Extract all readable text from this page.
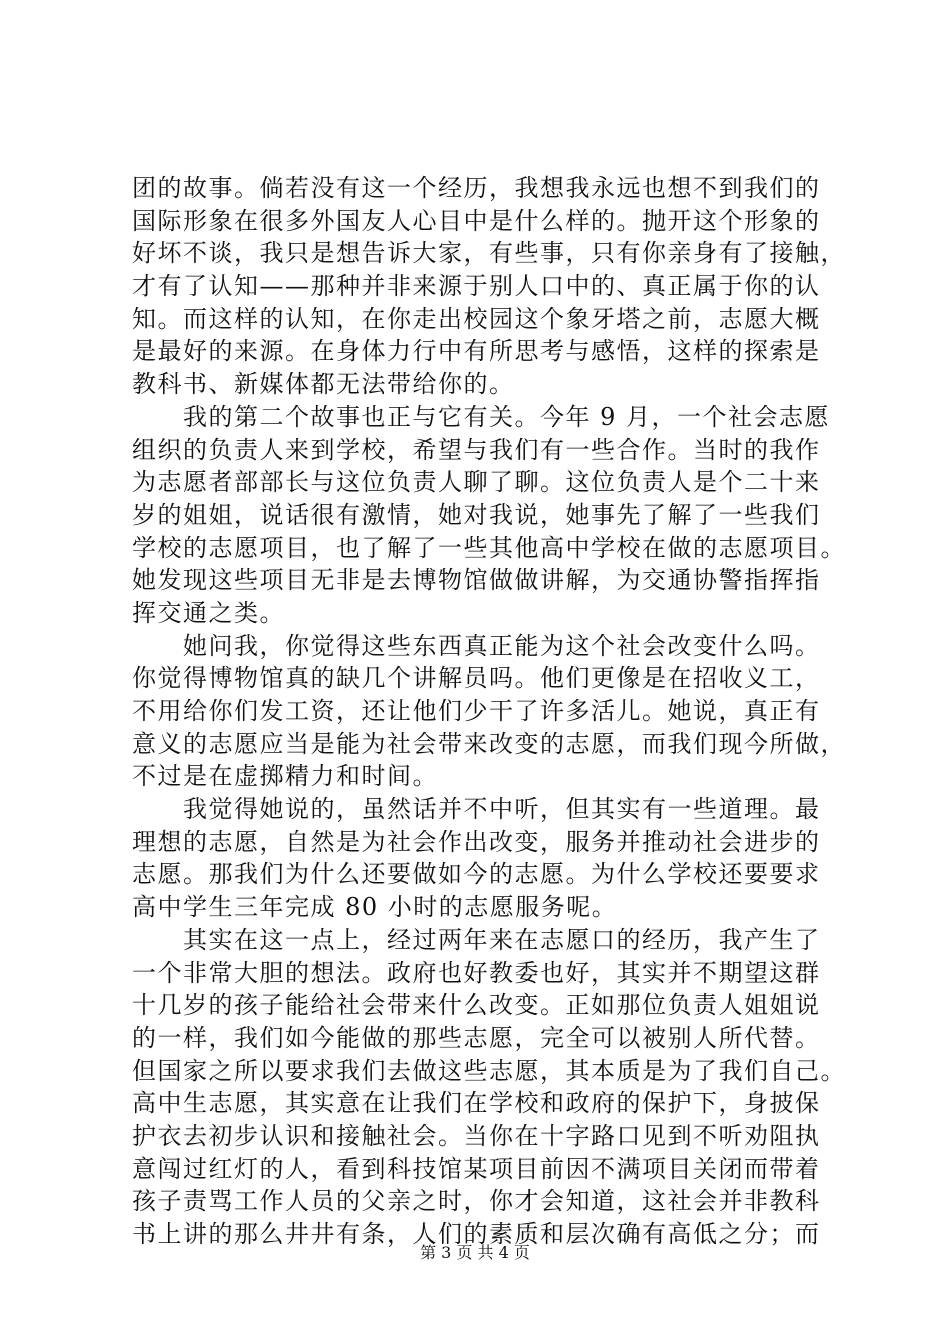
团的故事。倘若没有这一个经历，我想我永远也想不到我们的
国际形象在很多外国友人心目中是什么样的。抛开这个形象的
好坏不谈，我只是想告诉大家，有些事，只有你亲身有了接触，
才有了认知——那种并非来源于别人口中的、真正属于你的认
知。而这样的认知，在你走出校园这个象牙塔之前，志愿大概
是最好的来源。在身体力行中有所思考与感悟，这样的探索是
教科书、新媒体都无法带给你的。
　　我的第二个故事也正与它有关。今年 9 月，一个社会志愿
组织的负责人来到学校，希望与我们有一些合作。当时的我作
为志愿者部部长与这位负责人聊了聊。这位负责人是个二十来
岁的姐姐，说话很有激情，她对我说，她事先了解了一些我们
学校的志愿项目，也了解了一些其他高中学校在做的志愿项目。
她发现这些项目无非是去博物馆做做讲解，为交通协警指挥指
挥交通之类。
　　她问我，你觉得这些东西真正能为这个社会改变什么吗。
你觉得博物馆真的缺几个讲解员吗。他们更像是在招收义工，
不用给你们发工资，还让他们少干了许多活儿。她说，真正有
意义的志愿应当是能为社会带来改变的志愿，而我们现今所做，
不过是在虚掷精力和时间。
　　我觉得她说的，虽然话并不中听，但其实有一些道理。最
理想的志愿，自然是为社会作出改变，服务并推动社会进步的
志愿。那我们为什么还要做如今的志愿。为什么学校还要要求
高中学生三年完成 80 小时的志愿服务呢。
　　其实在这一点上，经过两年来在志愿口的经历，我产生了
一个非常大胆的想法。政府也好教委也好，其实并不期望这群
十几岁的孩子能给社会带来什么改变。正如那位负责人姐姐说
的一样，我们如今能做的那些志愿，完全可以被别人所代替。
但国家之所以要求我们去做这些志愿，其本质是为了我们自己。
高中生志愿，其实意在让我们在学校和政府的保护下，身披保
护衣去初步认识和接触社会。当你在十字路口见到不听劝阻执
意闯过红灯的人，看到科技馆某项目前因不满项目关闭而带着
孩子责骂工作人员的父亲之时，你才会知道，这社会并非教科
书上讲的那么井井有条，人们的素质和层次确有高低之分；而
第 3 页 共 4 页
